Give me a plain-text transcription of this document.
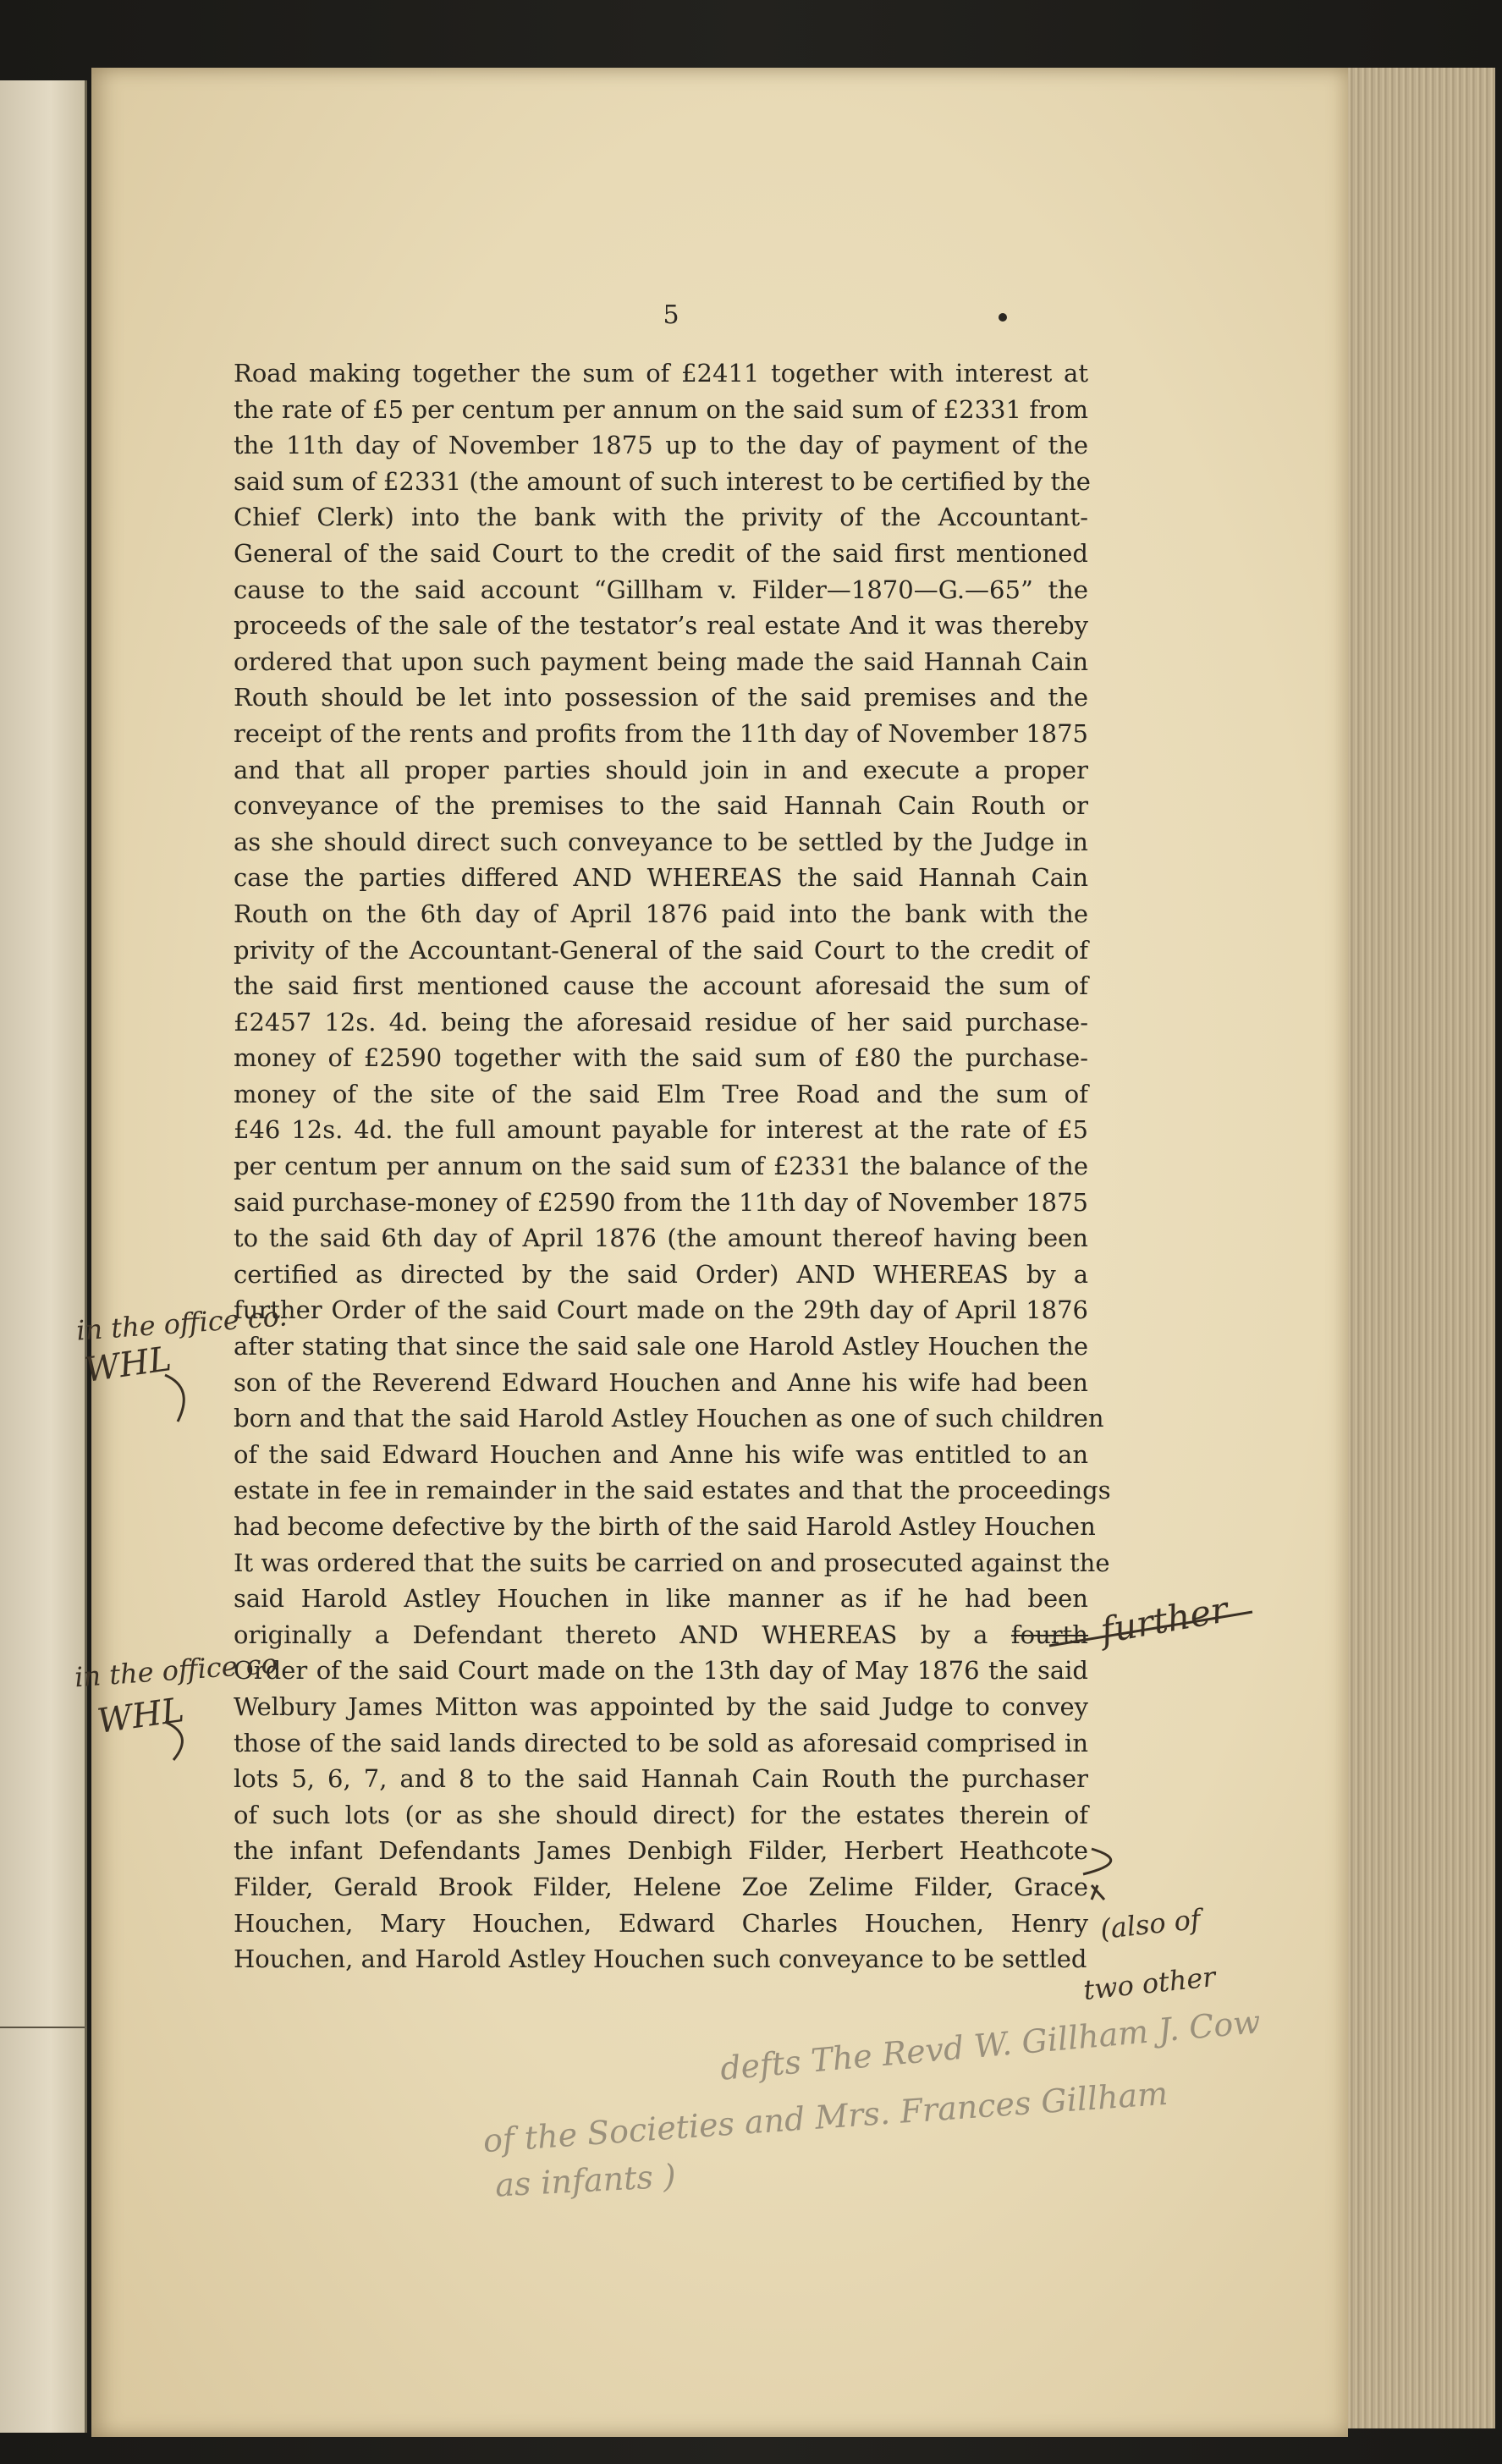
5
Road making together the sum of £2411 together with interest at
the rate of £5 per centum per annum on the said sum of £2331 from
the 11th day of November 1875 up to the day of payment of the
said sum of £2331 (the amount of such interest to be certified by the
Chief Clerk) into the bank with the privity of the Accountant-
General of the said Court to the credit of the said first mentioned
cause to the said account “Gillham v. Filder—1870—G.—65” the
proceeds of the sale of the testator’s real estate And it was thereby
ordered that upon such payment being made the said Hannah Cain
Routh should be let into possession of the said premises and the
receipt of the rents and profits from the 11th day of November 1875
and that all proper parties should join in and execute a proper
conveyance of the premises to the said Hannah Cain Routh or
as she should direct such conveyance to be settled by the Judge in
case the parties differed AND WHEREAS the said Hannah Cain
Routh on the 6th day of April 1876 paid into the bank with the
privity of the Accountant-General of the said Court to the credit of
the said first mentioned cause the account aforesaid the sum of
£2457 12s. 4d. being the aforesaid residue of her said purchase-
money of £2590 together with the said sum of £80 the purchase-
money of the site of the said Elm Tree Road and the sum of
£46 12s. 4d. the full amount payable for interest at the rate of £5
per centum per annum on the said sum of £2331 the balance of the
said purchase-money of £2590 from the 11th day of November 1875
to the said 6th day of April 1876 (the amount thereof having been
certified as directed by the said Order) AND WHEREAS by a
further Order of the said Court made on the 29th day of April 1876
after stating that since the said sale one Harold Astley Houchen the
son of the Reverend Edward Houchen and Anne his wife had been
born and that the said Harold Astley Houchen as one of such children
of the said Edward Houchen and Anne his wife was entitled to an
estate in fee in remainder in the said estates and that the proceedings
had become defective by the birth of the said Harold Astley Houchen
It was ordered that the suits be carried on and prosecuted against the
said Harold Astley Houchen in like manner as if he had been
originally a Defendant thereto AND WHEREAS by a fourth
Order of the said Court made on the 13th day of May 1876 the said
Welbury James Mitton was appointed by the said Judge to convey
those of the said lands directed to be sold as aforesaid comprised in
lots 5, 6, 7, and 8 to the said Hannah Cain Routh the purchaser
of such lots (or as she should direct) for the estates therein of
the infant Defendants James Denbigh Filder, Herbert Heathcote
Filder, Gerald Brook Filder, Helene Zoe Zelime Filder, Grace
Houchen, Mary Houchen, Edward Charles Houchen, Henry
Houchen, and Harold Astley Houchen such conveyance to be settled
in the office co.
WHL
in the office co
WHL
further
(also of
two other
defts The Revd W. Gillham J. Cow
of the Societies and Mrs. Frances Gillham
as infants )
